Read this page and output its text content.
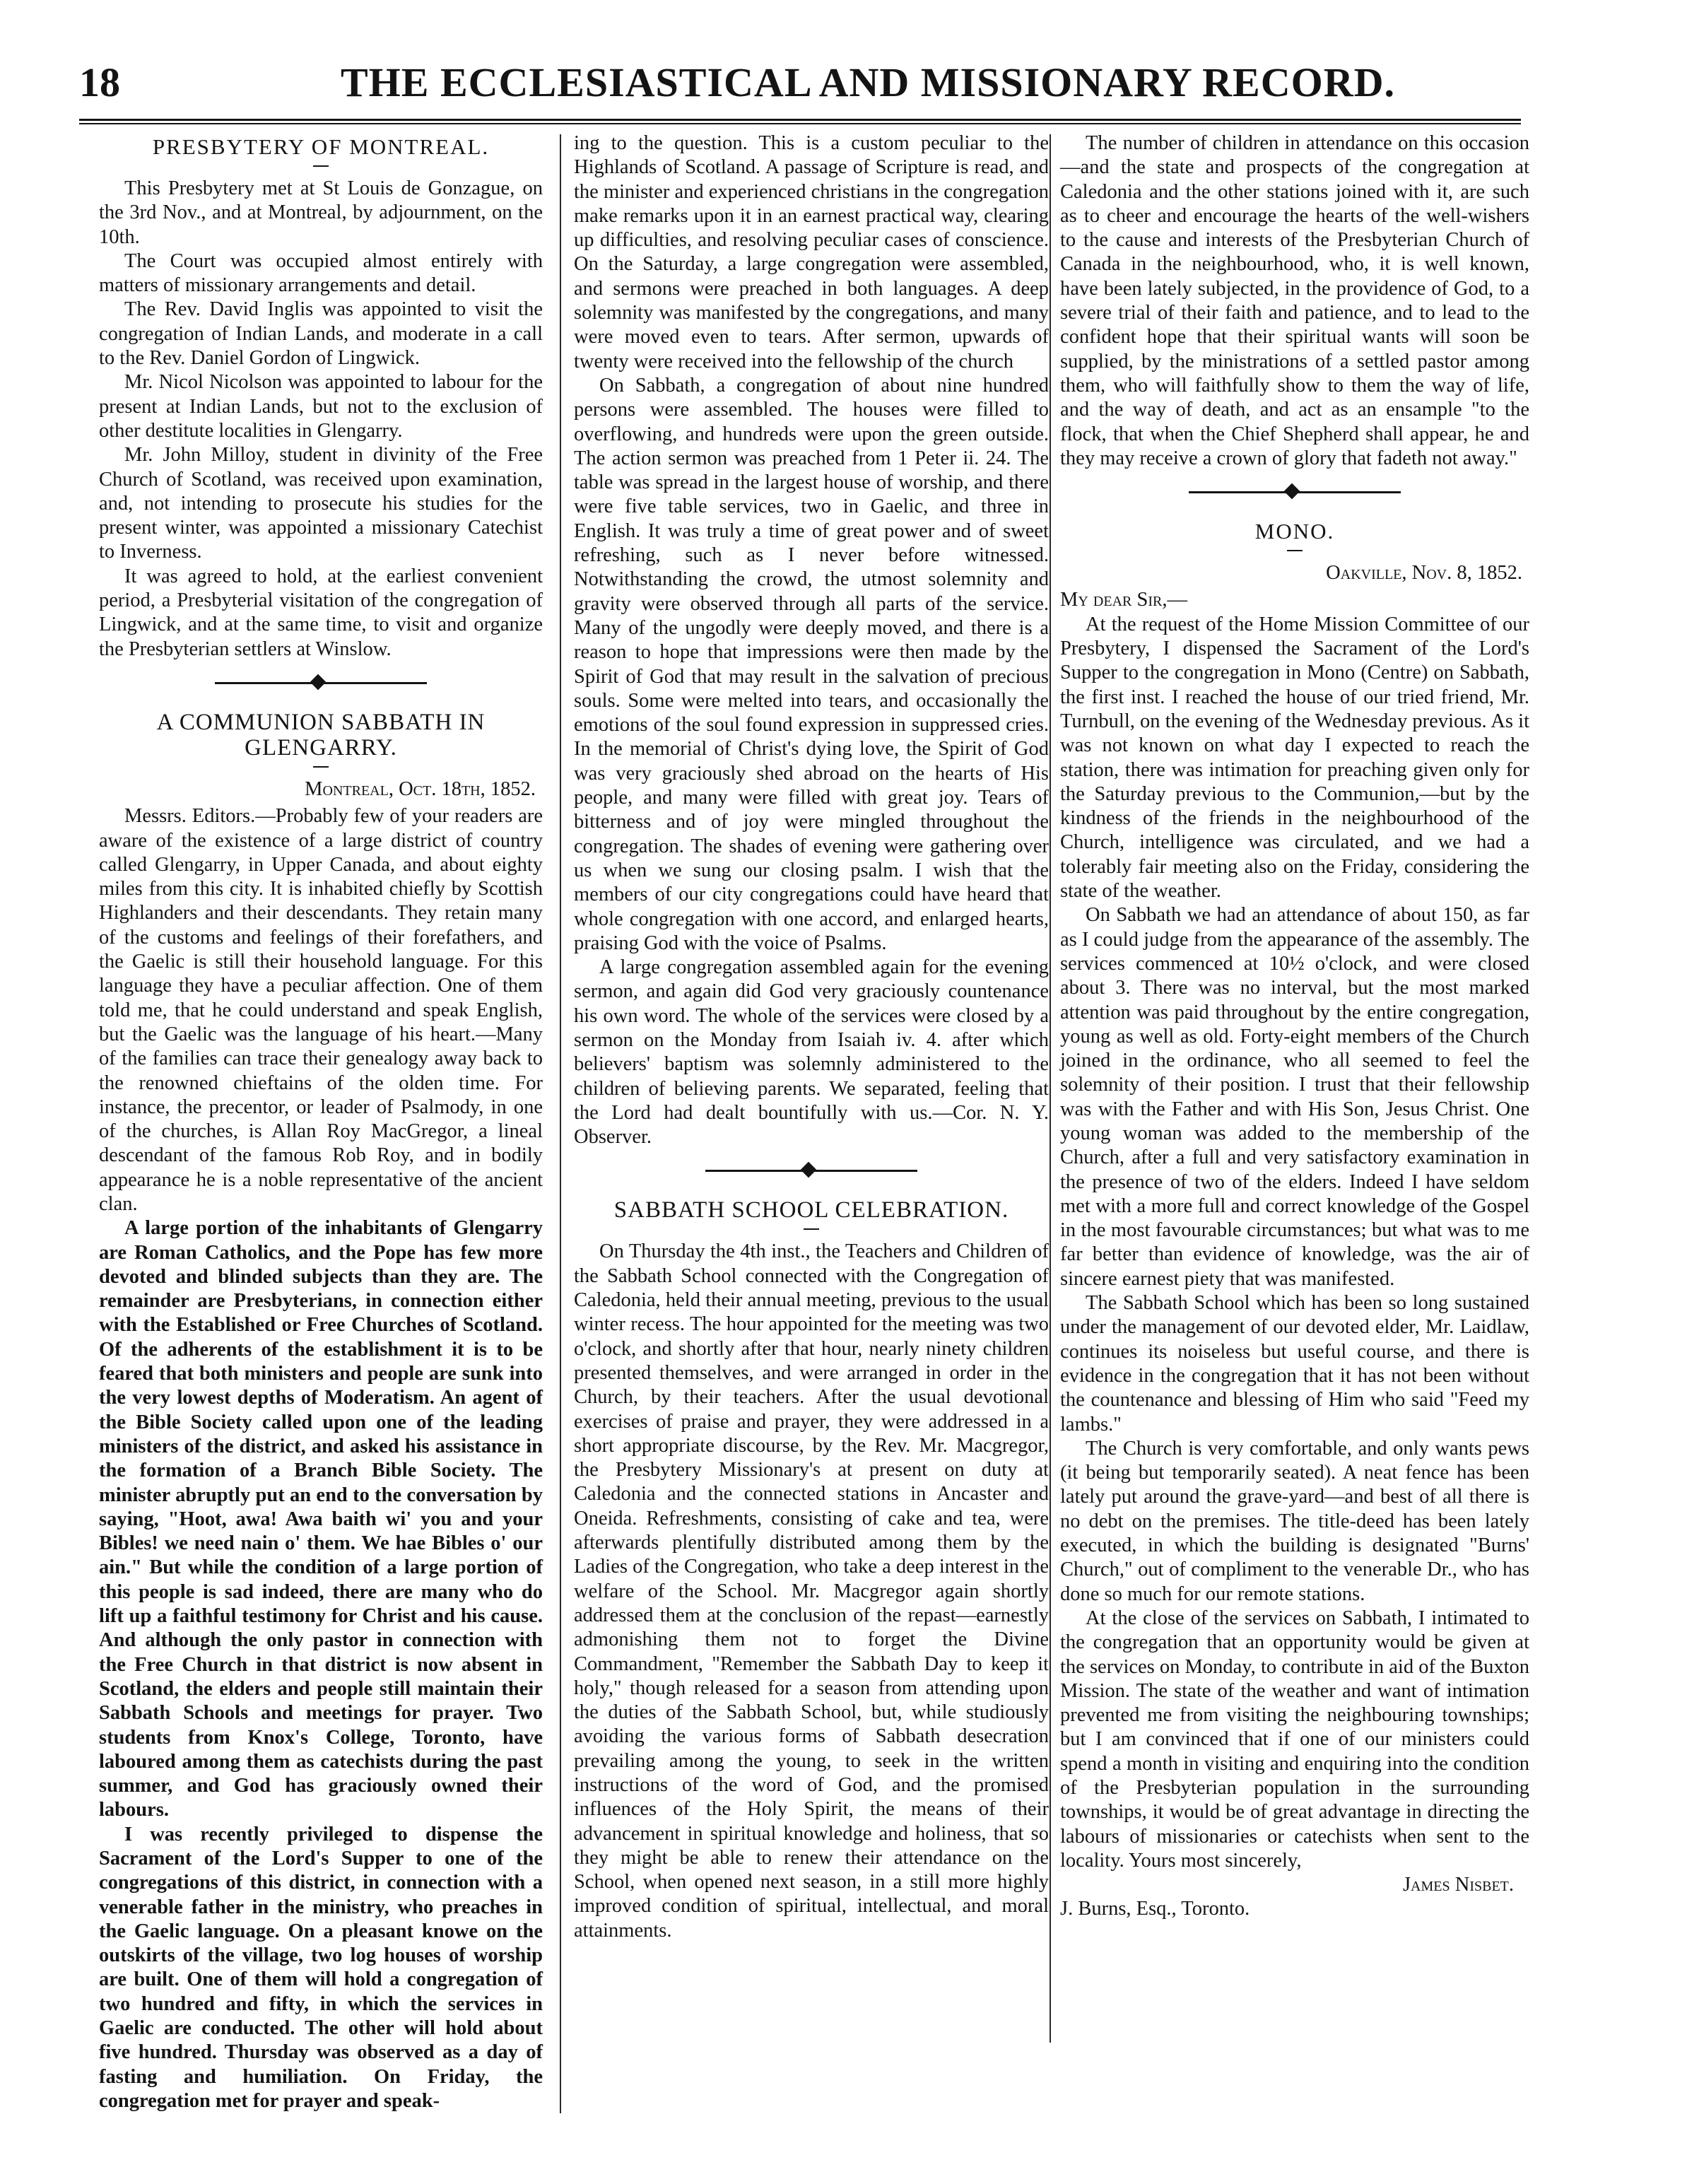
18	THE ECCLESIASTICAL AND MISSIONARY RECORD.
PRESBYTERY OF MONTREAL.

This Presbytery met at St Louis de Gonzague, on the 3rd Nov., and at Montreal, by adjournment, on the 10th.

The Court was occupied almost entirely with matters of missionary arrangements and detail.

The Rev. David Inglis was appointed to visit the congregation of Indian Lands, and moderate in a call to the Rev. Daniel Gordon of Lingwick.

Mr. Nicol Nicolson was appointed to labour for the present at Indian Lands, but not to the exclusion of other destitute localities in Glengarry.

Mr. John Milloy, student in divinity of the Free Church of Scotland, was received upon examination, and, not intending to prosecute his studies for the present winter, was appointed a missionary Catechist to Inverness.

It was agreed to hold, at the earliest convenient period, a Presbyterial visitation of the congregation of Lingwick, and at the same time, to visit and organize the Presbyterian settlers at Winslow.

A COMMUNION SABBATH IN GLENGARRY.
Montreal, Oct. 18th, 1852.

Messrs. Editors.—Probably few of your readers are aware of the existence of a large district of country called Glengarry, in Upper Canada, and about eighty miles from this city. It is inhabited chiefly by Scottish Highlanders and their descendants. They retain many of the customs and feelings of their forefathers, and the Gaelic is still their household language. For this language they have a peculiar affection. One of them told me, that he could understand and speak English, but the Gaelic was the language of his heart.—Many of the families can trace their genealogy away back to the renowned chieftains of the olden time. For instance, the precentor, or leader of Psalmody, in one of the churches, is Allan Roy MacGregor, a lineal descendant of the famous Rob Roy, and in bodily appearance he is a noble representative of the ancient clan.

A large portion of the inhabitants of Glengarry are Roman Catholics, and the Pope has few more devoted and blinded subjects than they are. The remainder are Presbyterians, in connection either with the Established or Free Churches of Scotland. Of the adherents of the establishment it is to be feared that both ministers and people are sunk into the very lowest depths of Moderatism. An agent of the Bible Society called upon one of the leading ministers of the district, and asked his assistance in the formation of a Branch Bible Society. The minister abruptly put an end to the conversation by saying, "Hoot, awa! Awa baith wi' you and your Bibles! we need nain o' them. We hae Bibles o' our ain." But while the condition of a large portion of this people is sad indeed, there are many who do lift up a faithful testimony for Christ and his cause. And although the only pastor in connection with the Free Church in that district is now absent in Scotland, the elders and people still maintain their Sabbath Schools and meetings for prayer. Two students from Knox's College, Toronto, have laboured among them as catechists during the past summer, and God has graciously owned their labours.

I was recently privileged to dispense the Sacrament of the Lord's Supper to one of the congregations of this district, in connection with a venerable father in the ministry, who preaches in the Gaelic language. On a pleasant knowe on the outskirts of the village, two log houses of worship are built. One of them will hold a congregation of two hundred and fifty, in which the services in Gaelic are conducted. The other will hold about five hundred. Thursday was observed as a day of fasting and humiliation. On Friday, the congregation met for prayer and speak-

ing to the question. This is a custom peculiar to the Highlands of Scotland. A passage of Scripture is read, and the minister and experienced christians in the congregation make remarks upon it in an earnest practical way, clearing up difficulties, and resolving peculiar cases of conscience. On the Saturday, a large congregation were assembled, and sermons were preached in both languages. A deep solemnity was manifested by the congregations, and many were moved even to tears. After sermon, upwards of twenty were received into the fellowship of the church

On Sabbath, a congregation of about nine hundred persons were assembled. The houses were filled to overflowing, and hundreds were upon the green outside. The action sermon was preached from 1 Peter ii. 24. The table was spread in the largest house of worship, and there were five table services, two in Gaelic, and three in English. It was truly a time of great power and of sweet refreshing, such as I never before witnessed. Notwithstanding the crowd, the utmost solemnity and gravity were observed through all parts of the service. Many of the ungodly were deeply moved, and there is a reason to hope that impressions were then made by the Spirit of God that may result in the salvation of precious souls. Some were melted into tears, and occasionally the emotions of the soul found expression in suppressed cries. In the memorial of Christ's dying love, the Spirit of God was very graciously shed abroad on the hearts of His people, and many were filled with great joy. Tears of bitterness and of joy were mingled throughout the congregation. The shades of evening were gathering over us when we sung our closing psalm. I wish that the members of our city congregations could have heard that whole congregation with one accord, and enlarged hearts, praising God with the voice of Psalms.

A large congregation assembled again for the evening sermon, and again did God very graciously countenance his own word. The whole of the services were closed by a sermon on the Monday from Isaiah iv. 4. after which believers' baptism was solemnly administered to the children of believing parents. We separated, feeling that the Lord had dealt bountifully with us.—Cor. N. Y. Observer.

SABBATH SCHOOL CELEBRATION.

On Thursday the 4th inst., the Teachers and Children of the Sabbath School connected with the Congregation of Caledonia, held their annual meeting, previous to the usual winter recess. The hour appointed for the meeting was two o'clock, and shortly after that hour, nearly ninety children presented themselves, and were arranged in order in the Church, by their teachers. After the usual devotional exercises of praise and prayer, they were addressed in a short appropriate discourse, by the Rev. Mr. Macgregor, the Presbytery Missionary's at present on duty at Caledonia and the connected stations in Ancaster and Oneida. Refreshments, consisting of cake and tea, were afterwards plentifully distributed among them by the Ladies of the Congregation, who take a deep interest in the welfare of the School. Mr. Macgregor again shortly addressed them at the conclusion of the repast—earnestly admonishing them not to forget the Divine Commandment, "Remember the Sabbath Day to keep it holy," though released for a season from attending upon the duties of the Sabbath School, but, while studiously avoiding the various forms of Sabbath desecration prevailing among the young, to seek in the written instructions of the word of God, and the promised influences of the Holy Spirit, the means of their advancement in spiritual knowledge and holiness, that so they might be able to renew their attendance on the School, when opened next season, in a still more highly improved condition of spiritual, intellectual, and moral attainments.

The number of children in attendance on this occasion—and the state and prospects of the congregation at Caledonia and the other stations joined with it, are such as to cheer and encourage the hearts of the well-wishers to the cause and interests of the Presbyterian Church of Canada in the neighbourhood, who, it is well known, have been lately subjected, in the providence of God, to a severe trial of their faith and patience, and to lead to the confident hope that their spiritual wants will soon be supplied, by the ministrations of a settled pastor among them, who will faithfully show to them the way of life, and the way of death, and act as an ensample "to the flock, that when the Chief Shepherd shall appear, he and they may receive a crown of glory that fadeth not away."

MONO.
Oakville, Nov. 8, 1852.

My dear Sir,—

At the request of the Home Mission Committee of our Presbytery, I dispensed the Sacrament of the Lord's Supper to the congregation in Mono (Centre) on Sabbath, the first inst. I reached the house of our tried friend, Mr. Turnbull, on the evening of the Wednesday previous. As it was not known on what day I expected to reach the station, there was intimation for preaching given only for the Saturday previous to the Communion,—but by the kindness of the friends in the neighbourhood of the Church, intelligence was circulated, and we had a tolerably fair meeting also on the Friday, considering the state of the weather.

On Sabbath we had an attendance of about 150, as far as I could judge from the appearance of the assembly. The services commenced at 10½ o'clock, and were closed about 3. There was no interval, but the most marked attention was paid throughout by the entire congregation, young as well as old. Forty-eight members of the Church joined in the ordinance, who all seemed to feel the solemnity of their position. I trust that their fellowship was with the Father and with His Son, Jesus Christ. One young woman was added to the membership of the Church, after a full and very satisfactory examination in the presence of two of the elders. Indeed I have seldom met with a more full and correct knowledge of the Gospel in the most favourable circumstances; but what was to me far better than evidence of knowledge, was the air of sincere earnest piety that was manifested.

The Sabbath School which has been so long sustained under the management of our devoted elder, Mr. Laidlaw, continues its noiseless but useful course, and there is evidence in the congregation that it has not been without the countenance and blessing of Him who said "Feed my lambs."

The Church is very comfortable, and only wants pews (it being but temporarily seated). A neat fence has been lately put around the grave-yard—and best of all there is no debt on the premises. The title-deed has been lately executed, in which the building is designated "Burns' Church," out of compliment to the venerable Dr., who has done so much for our remote stations.

At the close of the services on Sabbath, I intimated to the congregation that an opportunity would be given at the services on Monday, to contribute in aid of the Buxton Mission. The state of the weather and want of intimation prevented me from visiting the neighbouring townships; but I am convinced that if one of our ministers could spend a month in visiting and enquiring into the condition of the Presbyterian population in the surrounding townships, it would be of great advantage in directing the labours of missionaries or catechists when sent to the locality. Yours most sincerely,

James Nisbet.

J. Burns, Esq., Toronto.
